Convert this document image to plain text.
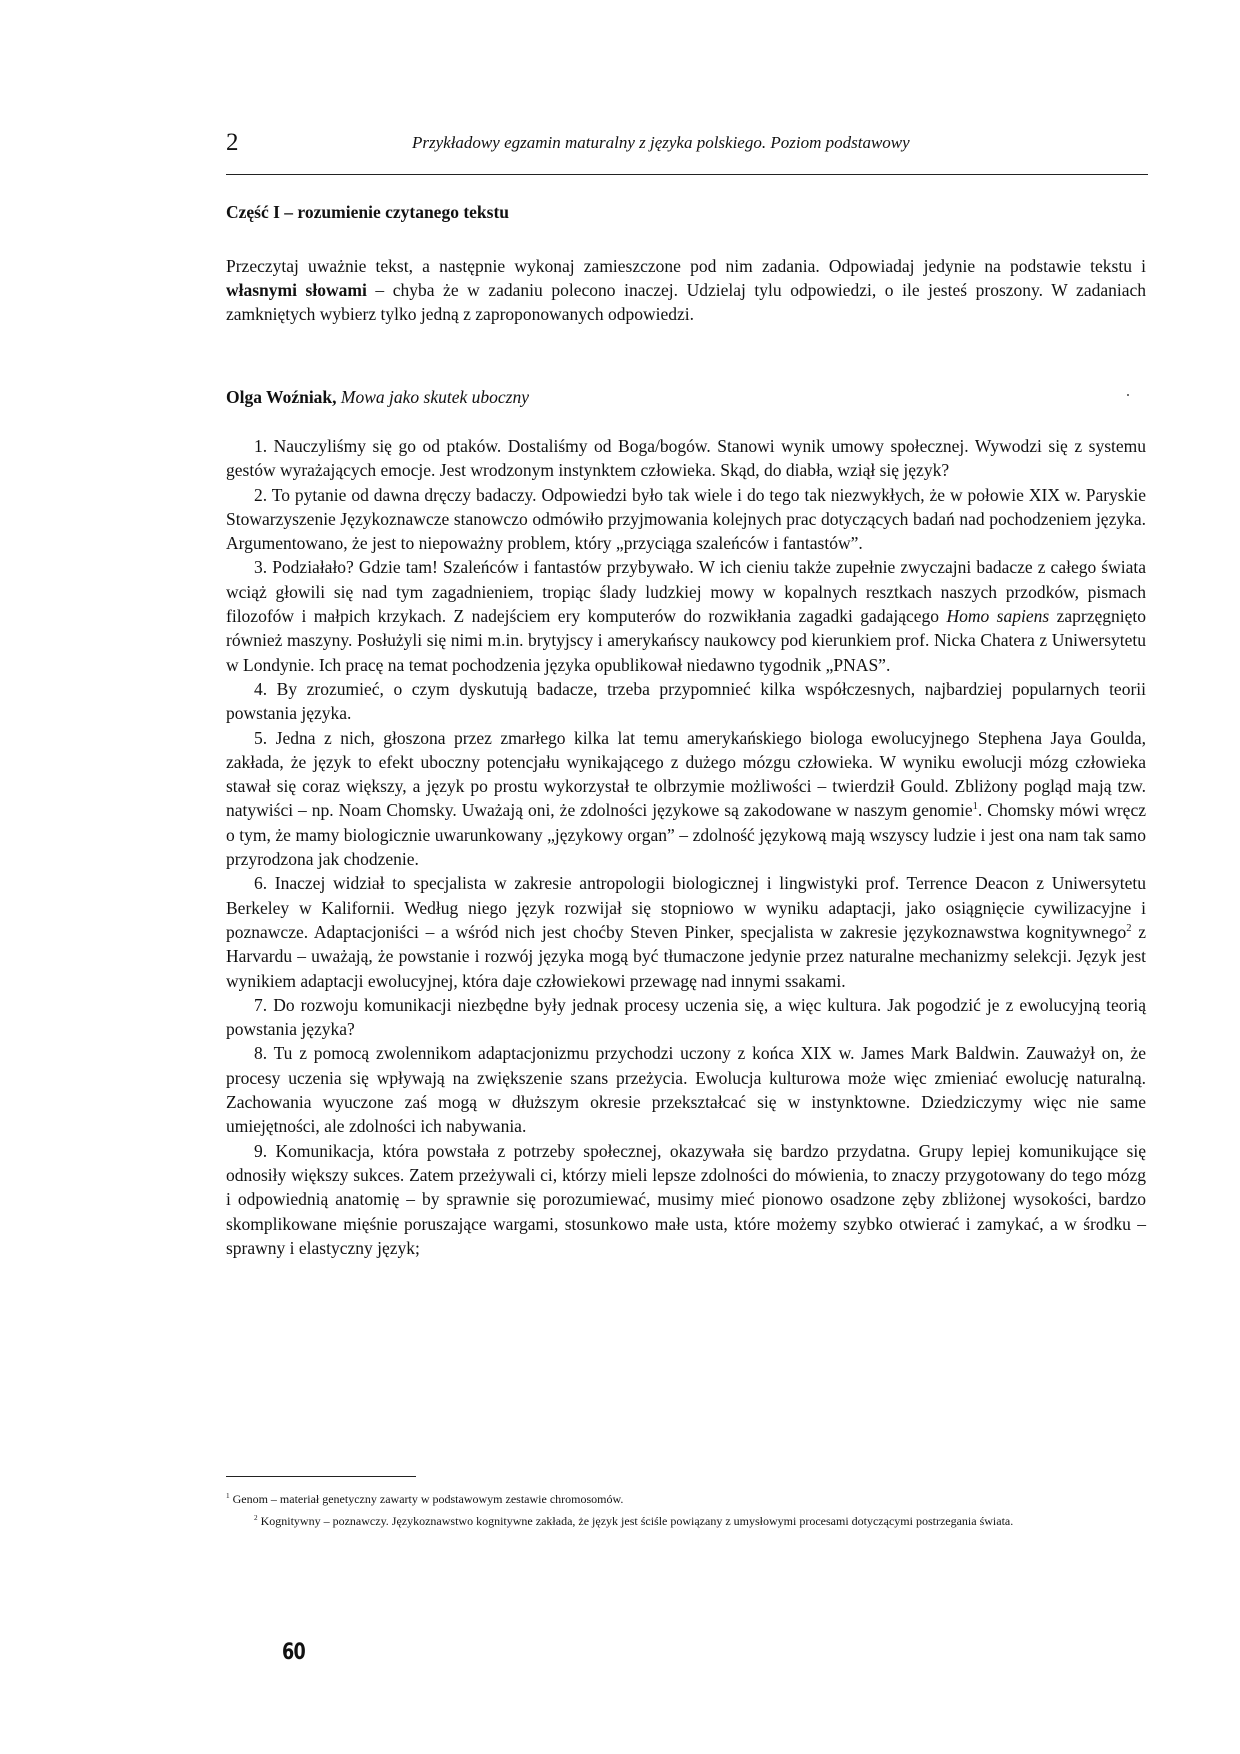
2	Przykładowy egzamin maturalny z języka polskiego. Poziom podstawowy
Część I – rozumienie czytanego tekstu
Przeczytaj uważnie tekst, a następnie wykonaj zamieszczone pod nim zadania. Odpowiadaj jedynie na podstawie tekstu i własnymi słowami – chyba że w zadaniu polecono inaczej. Udzielaj tylu odpowiedzi, o ile jesteś proszony. W zadaniach zamkniętych wybierz tylko jedną z zaproponowanych odpowiedzi.
Olga Woźniak, Mowa jako skutek uboczny

1. Nauczyliśmy się go od ptaków. Dostaliśmy od Boga/bogów. Stanowi wynik umowy społecznej. Wywodzi się z systemu gestów wyrażających emocje. Jest wrodzonym instynktem człowieka. Skąd, do diabła, wziął się język?

2. To pytanie od dawna dręczy badaczy. Odpowiedzi było tak wiele i do tego tak niezwykłych, że w połowie XIX w. Paryskie Stowarzyszenie Językoznawcze stanowczo odmówiło przyjmowania kolejnych prac dotyczących badań nad pochodzeniem języka. Argumentowano, że jest to niepoważny problem, który „przyciąga szaleńców i fantastów”.

3. Podziałało? Gdzie tam! Szaleńców i fantastów przybywało. W ich cieniu także zupełnie zwyczajni badacze z całego świata wciąż głowili się nad tym zagadnieniem, tropiąc ślady ludzkiej mowy w kopalnych resztkach naszych przodków, pismach filozofów i małpich krzykach. Z nadejściem ery komputerów do rozwikłania zagadki gadającego Homo sapiens zaprzęgnięto również maszyny. Posłużyli się nimi m.in. brytyjscy i amerykańscy naukowcy pod kierunkiem prof. Nicka Chatera z Uniwersytetu w Londynie. Ich pracę na temat pochodzenia języka opublikował niedawno tygodnik „PNAS”.

4. By zrozumieć, o czym dyskutują badacze, trzeba przypomnieć kilka współczesnych, najbardziej popularnych teorii powstania języka.

5. Jedna z nich, głoszona przez zmarłego kilka lat temu amerykańskiego biologa ewolucyjnego Stephena Jaya Goulda, zakłada, że język to efekt uboczny potencjału wynikającego z dużego mózgu człowieka. W wyniku ewolucji mózg człowieka stawał się coraz większy, a język po prostu wykorzystał te olbrzymie możliwości – twierdził Gould. Zbliżony pogląd mają tzw. natywiści – np. Noam Chomsky. Uważają oni, że zdolności językowe są zakodowane w naszym genomie$^1$. Chomsky mówi wręcz o tym, że mamy biologicznie uwarunkowany „językowy organ” – zdolność językową mają wszyscy ludzie i jest ona nam tak samo przyrodzona jak chodzenie.

6. Inaczej widział to specjalista w zakresie antropologii biologicznej i lingwistyki prof. Terrence Deacon z Uniwersytetu Berkeley w Kalifornii. Według niego język rozwijał się stopniowo w wyniku adaptacji, jako osiągnięcie cywilizacyjne i poznawcze. Adaptacjoniści – a wśród nich jest choćby Steven Pinker, specjalista w zakresie językoznawstwa kognitywnego$^2$ z Harvardu – uważają, że powstanie i rozwój języka mogą być tłumaczone jedynie przez naturalne mechanizmy selekcji. Język jest wynikiem adaptacji ewolucyjnej, która daje człowiekowi przewagę nad innymi ssakami.

7. Do rozwoju komunikacji niezbędne były jednak procesy uczenia się, a więc kultura. Jak pogodzić je z ewolucyjną teorią powstania języka?

8. Tu z pomocą zwolennikom adaptacjonizmu przychodzi uczony z końca XIX w. James Mark Baldwin. Zauważył on, że procesy uczenia się wpływają na zwiększenie szans przeżycia. Ewolucja kulturowa może więc zmieniać ewolucję naturalną. Zachowania wyuczone zaś mogą w dłuższym okresie przekształcać się w instynktowne. Dziedziczymy więc nie same umiejętności, ale zdolności ich nabywania.

9. Komunikacja, która powstała z potrzeby społecznej, okazywała się bardzo przydatna. Grupy lepiej komunikujące się odnosiły większy sukces. Zatem przeżywali ci, którzy mieli lepsze zdolności do mówienia, to znaczy przygotowany do tego mózg i odpowiednią anatomię – by sprawnie się porozumiewać, musimy mieć pionowo osadzone zęby zbliżonej wysokości, bardzo skomplikowane mięśnie poruszające wargami, stosunkowo małe usta, które możemy szybko otwierać i zamykać, a w środku – sprawny i elastyczny język;

$^1$ Genom – materiał genetyczny zawarty w podstawowym zestawie chromosomów.

$^2$ Kognitywny – poznawczy. Językoznawstwo kognitywne zakłada, że język jest ściśle powiązany z umysłowymi procesami dotyczącymi postrzegania świata.

60
